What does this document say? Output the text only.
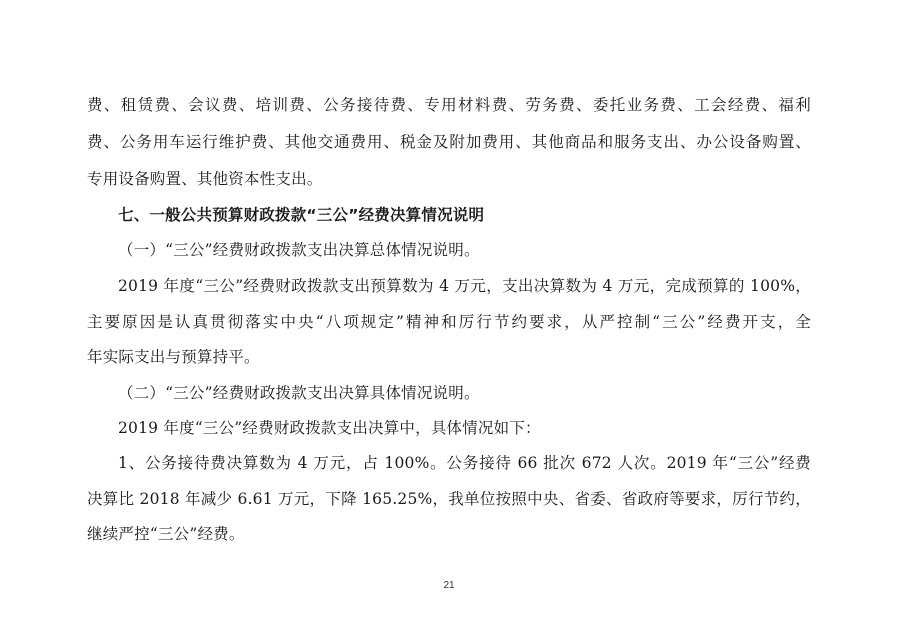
费、租赁费、会议费、培训费、公务接待费、专用材料费、劳务费、委托业务费、工会经费、福利
费、公务用车运行维护费、其他交通费用、税金及附加费用、其他商品和服务支出、办公设备购置、
专用设备购置、其他资本性支出。
七、一般公共预算财政拨款“三公”经费决算情况说明
（一）“三公”经费财政拨款支出决算总体情况说明。
2019 年度“三公”经费财政拨款支出预算数为 4 万元，支出决算数为 4 万元，完成预算的 100%，
主要原因是认真贯彻落实中央“八项规定”精神和厉行节约要求，从严控制“三公”经费开支，全
年实际支出与预算持平。
（二）“三公”经费财政拨款支出决算具体情况说明。
2019 年度“三公”经费财政拨款支出决算中，具体情况如下：
1、公务接待费决算数为 4 万元，占 100%。公务接待 66 批次 672 人次。2019 年“三公”经费
决算比 2018 年减少 6.61 万元，下降 165.25%，我单位按照中央、省委、省政府等要求，厉行节约，
继续严控“三公”经费。
21
